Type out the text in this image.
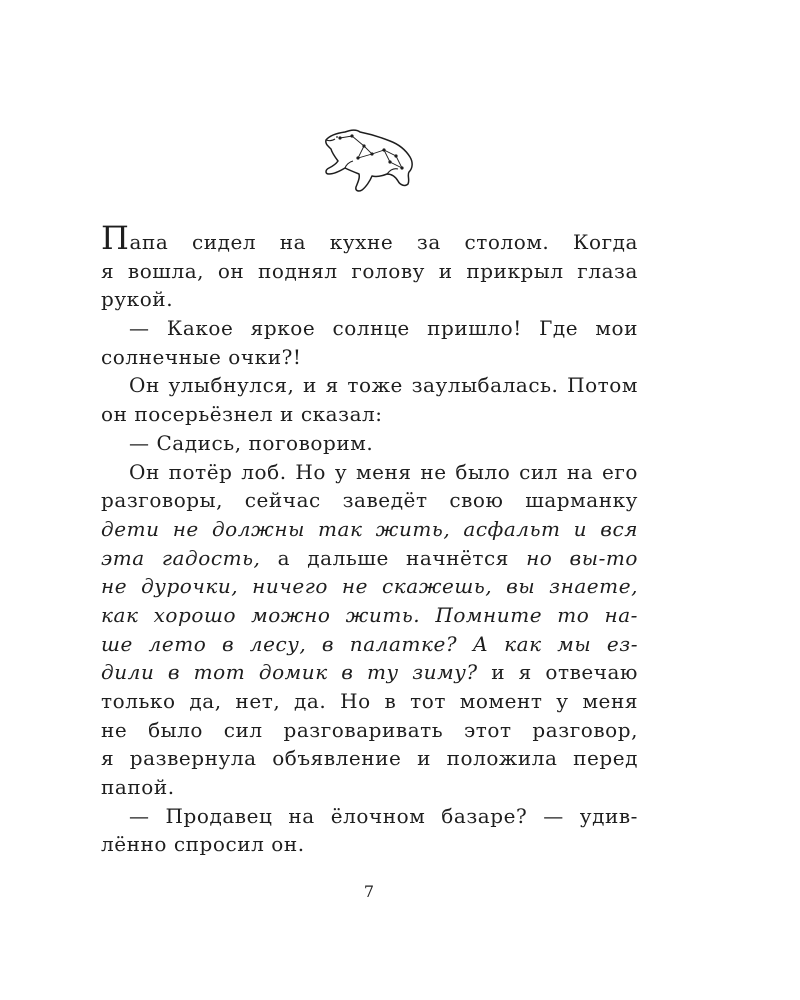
Папа сидел на кухне за столом. Когда
я вошла, он поднял голову и прикрыл глаза
рукой.
— Какое яркое солнце пришло! Где мои
солнечные очки?!
Он улыбнулся, и я тоже заулыбалась. Потом
он посерьёзнел и сказал:
— Садись, поговорим.
Он потёр лоб. Но у меня не было сил на его
разговоры, сейчас заведёт свою шарманку
дети не должны так жить, асфальт и вся
эта гадость, а дальше начнётся но вы-то
не дурочки, ничего не скажешь, вы знаете,
как хорошо можно жить. Помните то на-
ше лето в лесу, в палатке? А как мы ез-
дили в тот домик в ту зиму? и я отвечаю
только да, нет, да. Но в тот момент у меня
не было сил разговаривать этот разговор,
я развернула объявление и положила перед
папой.
— Продавец на ёлочном базаре? — удив-
лённо спросил он.
7
